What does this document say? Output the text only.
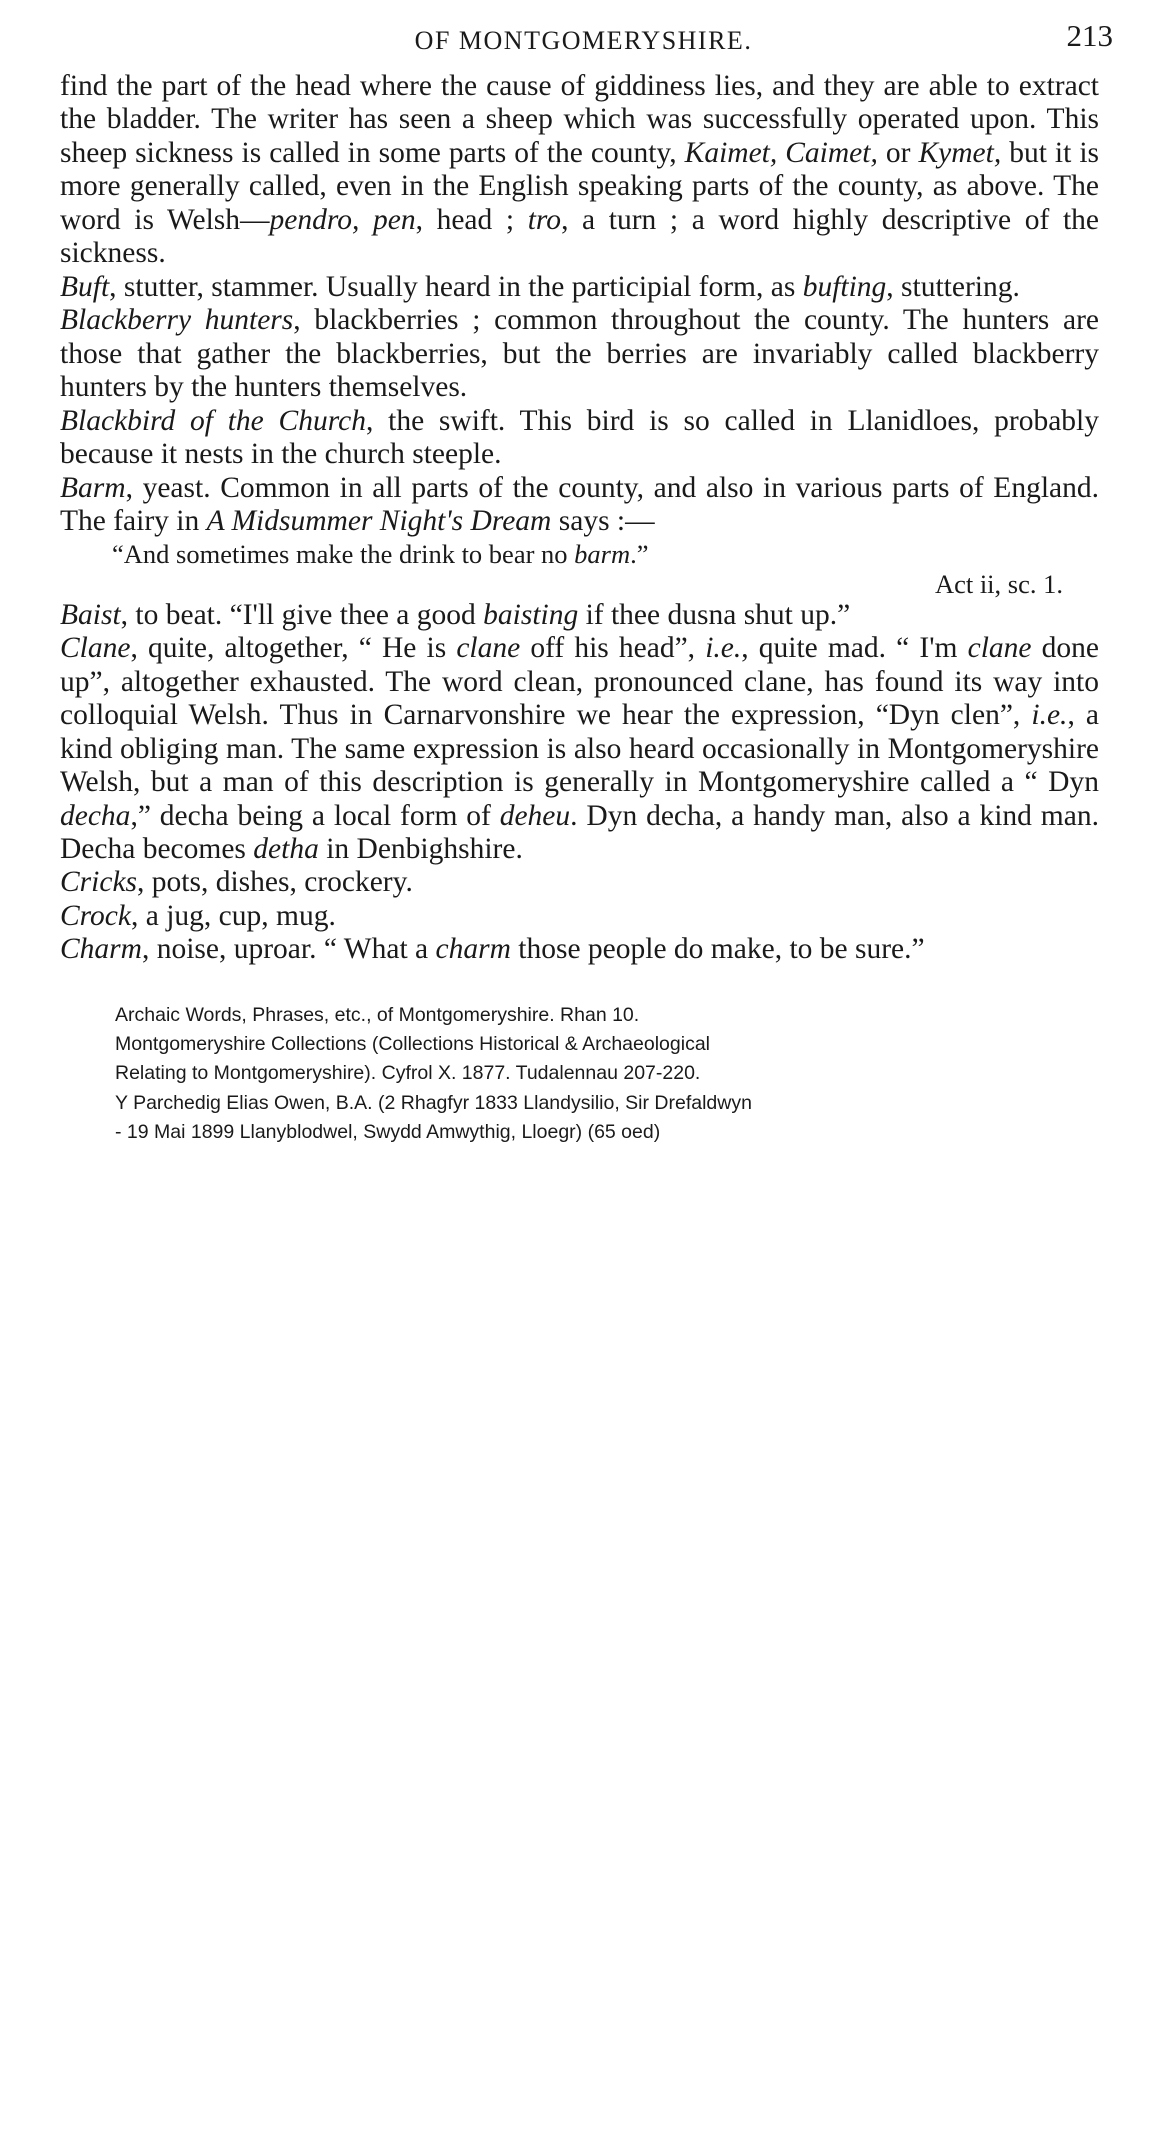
OF MONTGOMERYSHIRE.	213

find the part of the head where the cause of giddiness lies, and they are able to extract the bladder. The writer has seen a sheep which was successfully operated upon. This sheep sickness is called in some parts of the county, Kaimet, Caimet, or Kymet, but it is more generally called, even in the English speaking parts of the county, as above. The word is Welsh—pendro, pen, head ; tro, a turn ; a word highly descriptive of the sickness.

Buft, stutter, stammer. Usually heard in the participial form, as bufting, stuttering.

Blackberry hunters, blackberries ; common throughout the county. The hunters are those that gather the blackberries, but the berries are invariably called blackberry hunters by the hunters themselves.

Blackbird of the Church, the swift. This bird is so called in Llanidloes, probably because it nests in the church steeple.

Barm, yeast. Common in all parts of the county, and also in various parts of England. The fairy in A Midsummer Night's Dream says :—

“And sometimes make the drink to bear no barm.”

Act ii, sc. 1.

Baist, to beat. “I'll give thee a good baisting if thee dusna shut up.”

Clane, quite, altogether, “ He is clane off his head”, i.e., quite mad. “ I'm clane done up”, altogether exhausted. The word clean, pronounced clane, has found its way into colloquial Welsh. Thus in Carnarvonshire we hear the expression, “Dyn clen”, i.e., a kind obliging man. The same expression is also heard occasionally in Montgomeryshire Welsh, but a man of this description is generally in Montgomeryshire called a “ Dyn decha,” decha being a local form of deheu. Dyn decha, a handy man, also a kind man. Decha becomes detha in Denbighshire.

Cricks, pots, dishes, crockery.

Crock, a jug, cup, mug.

Charm, noise, uproar. “ What a charm those people do make, to be sure.”

Archaic Words, Phrases, etc., of Montgomeryshire. Rhan 10.
Montgomeryshire Collections (Collections Historical & Archaeological
Relating to Montgomeryshire). Cyfrol X. 1877. Tudalennau 207-220.
Y Parchedig Elias Owen, B.A. (2 Rhagfyr 1833 Llandysilio, Sir Drefaldwyn
- 19 Mai 1899 Llanyblodwel, Swydd Amwythig, Lloegr) (65 oed)
